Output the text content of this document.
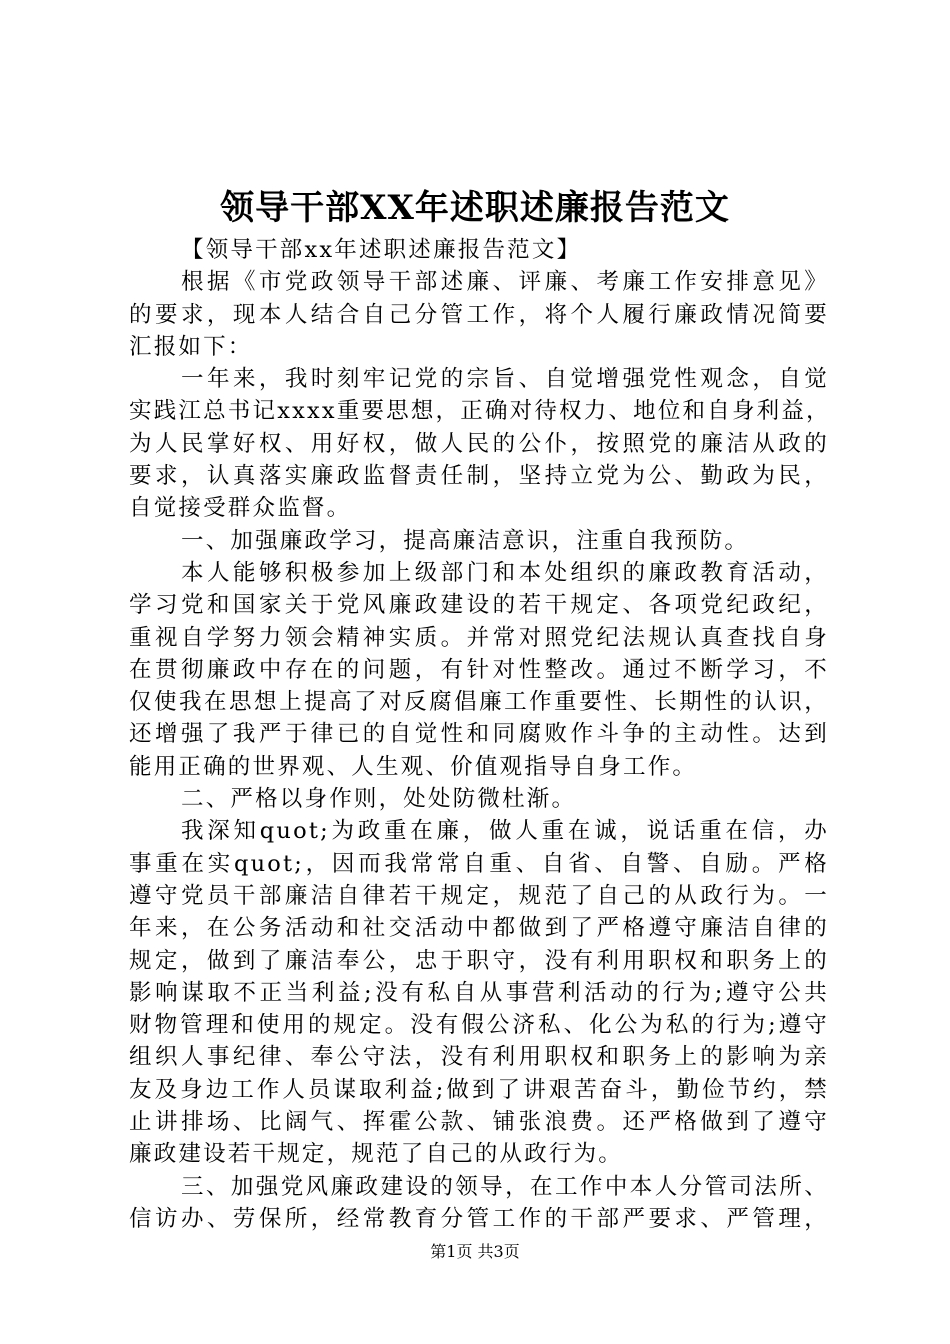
领导干部XX年述职述廉报告范文
【领导干部xx年述职述廉报告范文】
根据《市党政领导干部述廉、评廉、考廉工作安排意见》
的要求，现本人结合自己分管工作，将个人履行廉政情况简要
汇报如下：
一年来，我时刻牢记党的宗旨、自觉增强党性观念，自觉
实践江总书记xxxx重要思想，正确对待权力、地位和自身利益，
为人民掌好权、用好权，做人民的公仆，按照党的廉洁从政的
要求，认真落实廉政监督责任制，坚持立党为公、勤政为民，
自觉接受群众监督。
一、加强廉政学习，提高廉洁意识，注重自我预防。
本人能够积极参加上级部门和本处组织的廉政教育活动，
学习党和国家关于党风廉政建设的若干规定、各项党纪政纪，
重视自学努力领会精神实质。并常对照党纪法规认真查找自身
在贯彻廉政中存在的问题，有针对性整改。通过不断学习，不
仅使我在思想上提高了对反腐倡廉工作重要性、长期性的认识，
还增强了我严于律已的自觉性和同腐败作斗争的主动性。达到
能用正确的世界观、人生观、价值观指导自身工作。
二、严格以身作则，处处防微杜渐。
我深知quot;为政重在廉，做人重在诚，说话重在信，办
事重在实quot;，因而我常常自重、自省、自警、自励。严格
遵守党员干部廉洁自律若干规定，规范了自己的从政行为。一
年来，在公务活动和社交活动中都做到了严格遵守廉洁自律的
规定，做到了廉洁奉公，忠于职守，没有利用职权和职务上的
影响谋取不正当利益;没有私自从事营利活动的行为;遵守公共
财物管理和使用的规定。没有假公济私、化公为私的行为;遵守
组织人事纪律、奉公守法，没有利用职权和职务上的影响为亲
友及身边工作人员谋取利益;做到了讲艰苦奋斗，勤俭节约，禁
止讲排场、比阔气、挥霍公款、铺张浪费。还严格做到了遵守
廉政建设若干规定，规范了自己的从政行为。
三、加强党风廉政建设的领导，在工作中本人分管司法所、
信访办、劳保所，经常教育分管工作的干部严要求、严管理，
第1页 共3页
